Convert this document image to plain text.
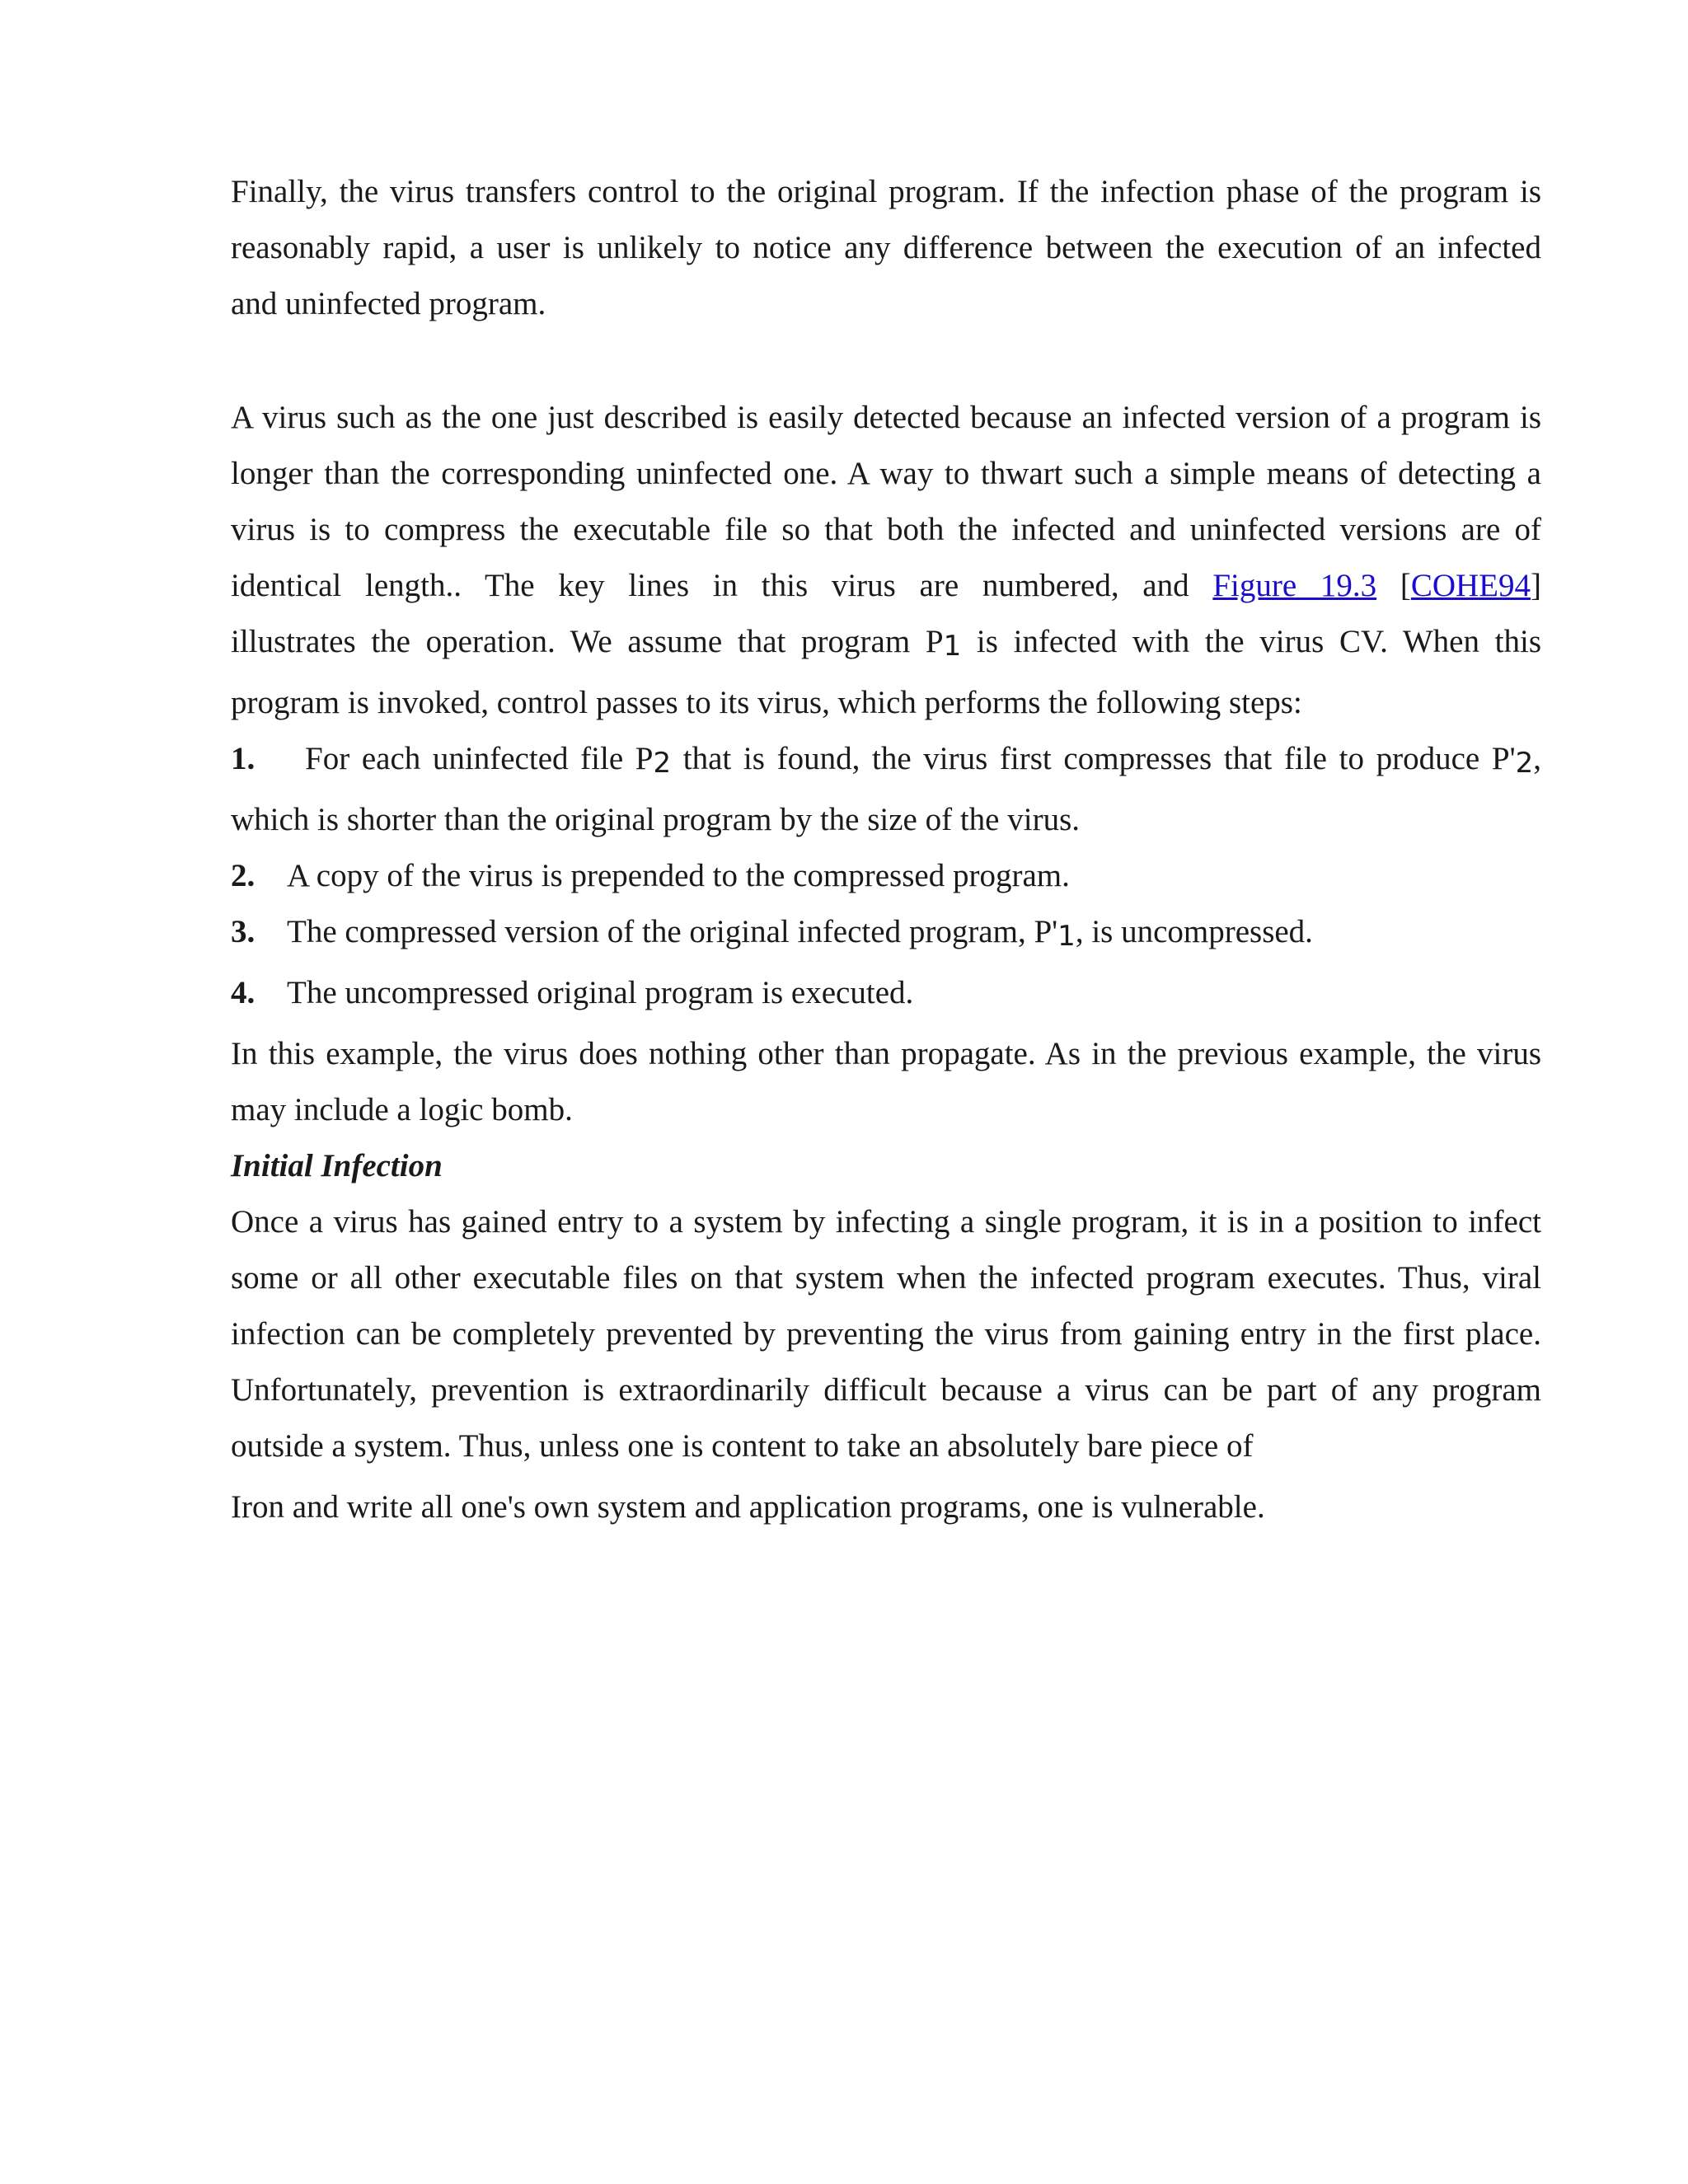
Finally, the virus transfers control to the original program. If the infection phase of the program is
reasonably rapid, a user is unlikely to notice any difference between the execution of an infected
and uninfected program.
A virus such as the one just described is easily detected because an infected version of a program is
longer than the corresponding uninfected one. A way to thwart such a simple means of detecting a
virus is to compress the executable file so that both the infected and uninfected versions are of
identical length.. The key lines in this virus are numbered, and Figure 19.3 [COHE94]
illustrates the operation. We assume that program P1 is infected with the virus CV. When this
program is invoked, control passes to its virus, which performs the following steps:
1. For each uninfected file P2 that is found, the virus first compresses that file to produce P'2,
which is shorter than the original program by the size of the virus.
2. A copy of the virus is prepended to the compressed program.
3. The compressed version of the original infected program, P'1, is uncompressed.
4. The uncompressed original program is executed.
In this example, the virus does nothing other than propagate. As in the previous example, the virus
may include a logic bomb.
Initial Infection
Once a virus has gained entry to a system by infecting a single program, it is in a position to infect
some or all other executable files on that system when the infected program executes. Thus, viral
infection can be completely prevented by preventing the virus from gaining entry in the first place.
Unfortunately, prevention is extraordinarily difficult because a virus can be part of any program
outside a system. Thus, unless one is content to take an absolutely bare piece of
Iron and write all one's own system and application programs, one is vulnerable.
